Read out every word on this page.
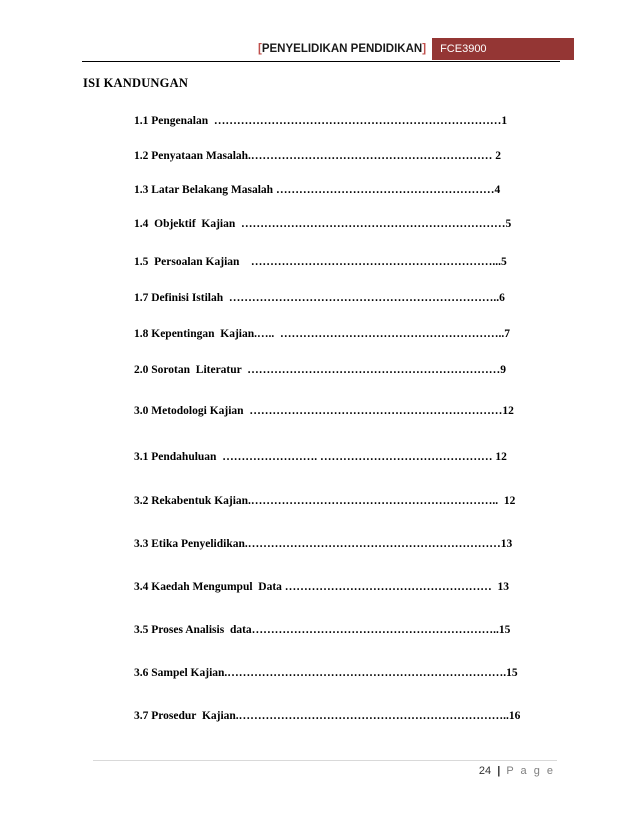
[PENYELIDIKAN PENDIDIKAN]	FCE3900
ISI KANDUNGAN
1.1 Pengenalan  …………………………………………………………………1
1.2 Penyataan Masalah.……………………………………………………… 2
1.3 Latar Belakang Masalah …………………………………………………4
1.4  Objektif  Kajian  ……………………………………………………………5
1.5  Persoalan Kajian    ………………………………………………………...5
1.7 Definisi Istilah  ……………………………………………………………..6
1.8 Kepentingan  Kajian.…..  …………………………………………………..7
2.0 Sorotan  Literatur  …………………………………………………………9
3.0 Metodologi Kajian  …………………………………………………………12
3.1 Pendahuluan  ……………………. ……………………………………… 12
3.2 Rekabentuk Kajian.………………………………………………………..  12
3.3 Etika Penyelidikan.…………………………………………………………13
3.4 Kaedah Mengumpul  Data ………………………………………………  13
3.5 Proses Analisis  data………………………………………………………..15
3.6 Sampel Kajian.……………………………………………………………….15
3.7 Prosedur  Kajian.……………………………………………………………..16
24 | P a g e
